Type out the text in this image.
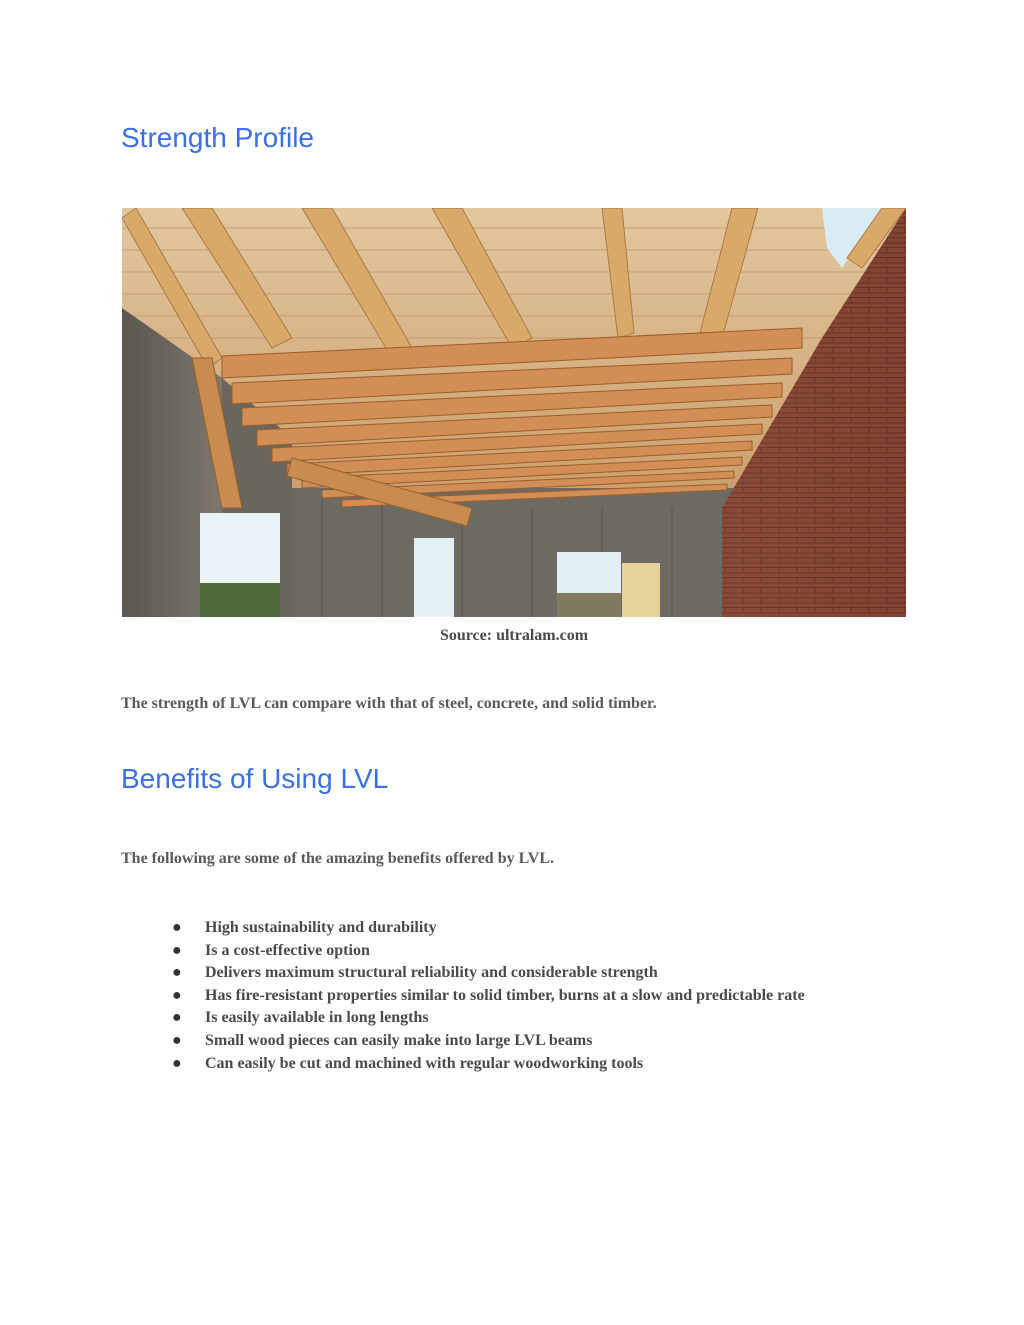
Strength Profile
Source: ultralam.com

The strength of LVL can compare with that of steel, concrete, and solid timber.

Benefits of Using LVL

The following are some of the amazing benefits offered by LVL.

● High sustainability and durability
● Is a cost-effective option
● Delivers maximum structural reliability and considerable strength
● Has fire-resistant properties similar to solid timber, burns at a slow and predictable rate
● Is easily available in long lengths
● Small wood pieces can easily make into large LVL beams
● Can easily be cut and machined with regular woodworking tools
